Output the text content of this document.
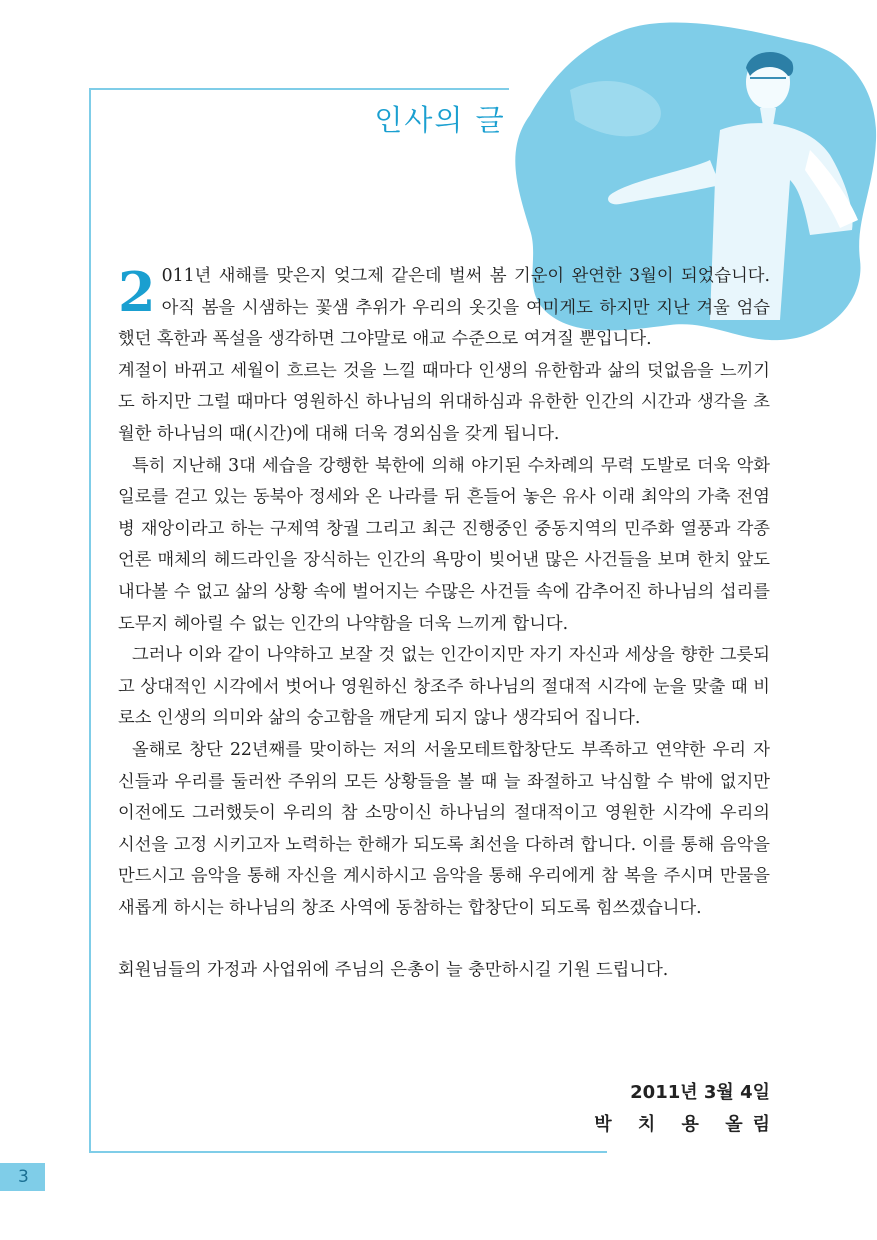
인사의 글

2 011년 새해를 맞은지 엊그제 같은데 벌써 봄 기운이 완연한 3월이 되었습니다. 아직 봄을 시샘하는 꽃샘 추위가 우리의 옷깃을 여미게도 하지만 지난 겨울 엄습했던 혹한과 폭설을 생각하면 그야말로 애교 수준으로 여겨질 뿐입니다.

계절이 바뀌고 세월이 흐르는 것을 느낄 때마다 인생의 유한함과 삶의 덧없음을 느끼기도 하지만 그럴 때마다 영원하신 하나님의 위대하심과 유한한 인간의 시간과 생각을 초월한 하나님의 때(시간)에 대해 더욱 경외심을 갖게 됩니다.

특히 지난해 3대 세습을 강행한 북한에 의해 야기된 수차례의 무력 도발로 더욱 악화 일로를 걷고 있는 동북아 정세와 온 나라를 뒤 흔들어 놓은 유사 이래 최악의 가축 전염병 재앙이라고 하는 구제역 창궐 그리고 최근 진행중인 중동지역의 민주화 열풍과 각종 언론 매체의 헤드라인을 장식하는 인간의 욕망이 빚어낸 많은 사건들을 보며 한치 앞도 내다볼 수 없고 삶의 상황 속에 벌어지는 수많은 사건들 속에 감추어진 하나님의 섭리를 도무지 헤아릴 수 없는 인간의 나약함을 더욱 느끼게 합니다.

그러나 이와 같이 나약하고 보잘 것 없는 인간이지만 자기 자신과 세상을 향한 그릇되고 상대적인 시각에서 벗어나 영원하신 창조주 하나님의 절대적 시각에 눈을 맞출 때 비로소 인생의 의미와 삶의 숭고함을 깨닫게 되지 않나 생각되어 집니다.

올해로 창단 22년째를 맞이하는 저의 서울모테트합창단도 부족하고 연약한 우리 자신들과 우리를 둘러싼 주위의 모든 상황들을 볼 때 늘 좌절하고 낙심할 수 밖에 없지만 이전에도 그러했듯이 우리의 참 소망이신 하나님의 절대적이고 영원한 시각에 우리의 시선을 고정 시키고자 노력하는 한해가 되도록 최선을 다하려 합니다. 이를 통해 음악을 만드시고 음악을 통해 자신을 계시하시고 음악을 통해 우리에게 참 복을 주시며 만물을 새롭게 하시는 하나님의 창조 사역에 동참하는 합창단이 되도록 힘쓰겠습니다.

회원님들의 가정과 사업위에 주님의 은총이 늘 충만하시길 기원 드립니다.

2011년 3월 4일
박 치 용 올림
3
